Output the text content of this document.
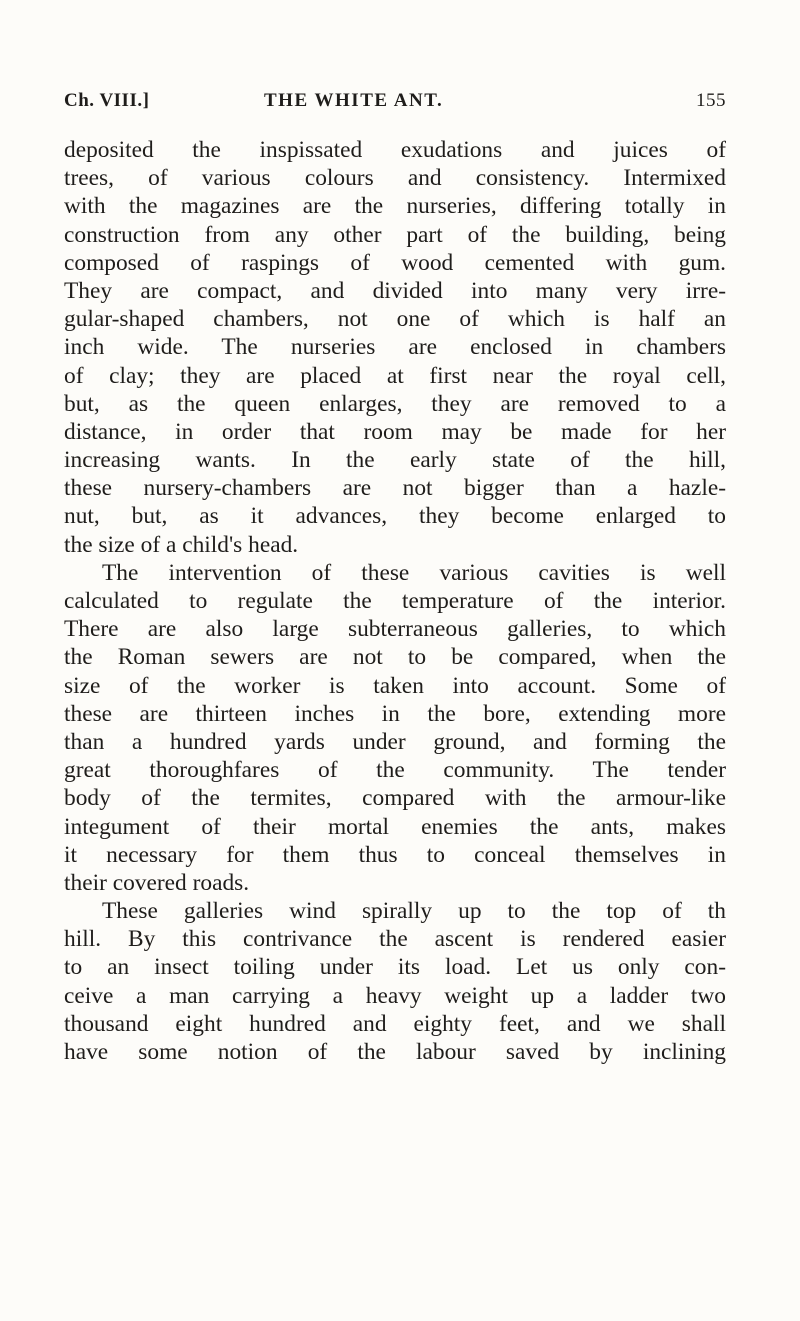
Ch. VIII.]	THE WHITE ANT.	155
deposited the inspissated exudations and juices of
trees, of various colours and consistency. Intermixed
with the magazines are the nurseries, differing totally in
construction from any other part of the building, being
composed of raspings of wood cemented with gum.
They are compact, and divided into many very irre-
gular-shaped chambers, not one of which is half an
inch wide. The nurseries are enclosed in chambers
of clay; they are placed at first near the royal cell,
but, as the queen enlarges, they are removed to a
distance, in order that room may be made for her
increasing wants. In the early state of the hill,
these nursery-chambers are not bigger than a hazle-
nut, but, as it advances, they become enlarged to
the size of a child's head.
The intervention of these various cavities is well
calculated to regulate the temperature of the interior.
There are also large subterraneous galleries, to which
the Roman sewers are not to be compared, when the
size of the worker is taken into account. Some of
these are thirteen inches in the bore, extending more
than a hundred yards under ground, and forming the
great thoroughfares of the community. The tender
body of the termites, compared with the armour-like
integument of their mortal enemies the ants, makes
it necessary for them thus to conceal themselves in
their covered roads.
These galleries wind spirally up to the top of th
hill. By this contrivance the ascent is rendered easier
to an insect toiling under its load. Let us only con-
ceive a man carrying a heavy weight up a ladder two
thousand eight hundred and eighty feet, and we shall
have some notion of the labour saved by inclining
